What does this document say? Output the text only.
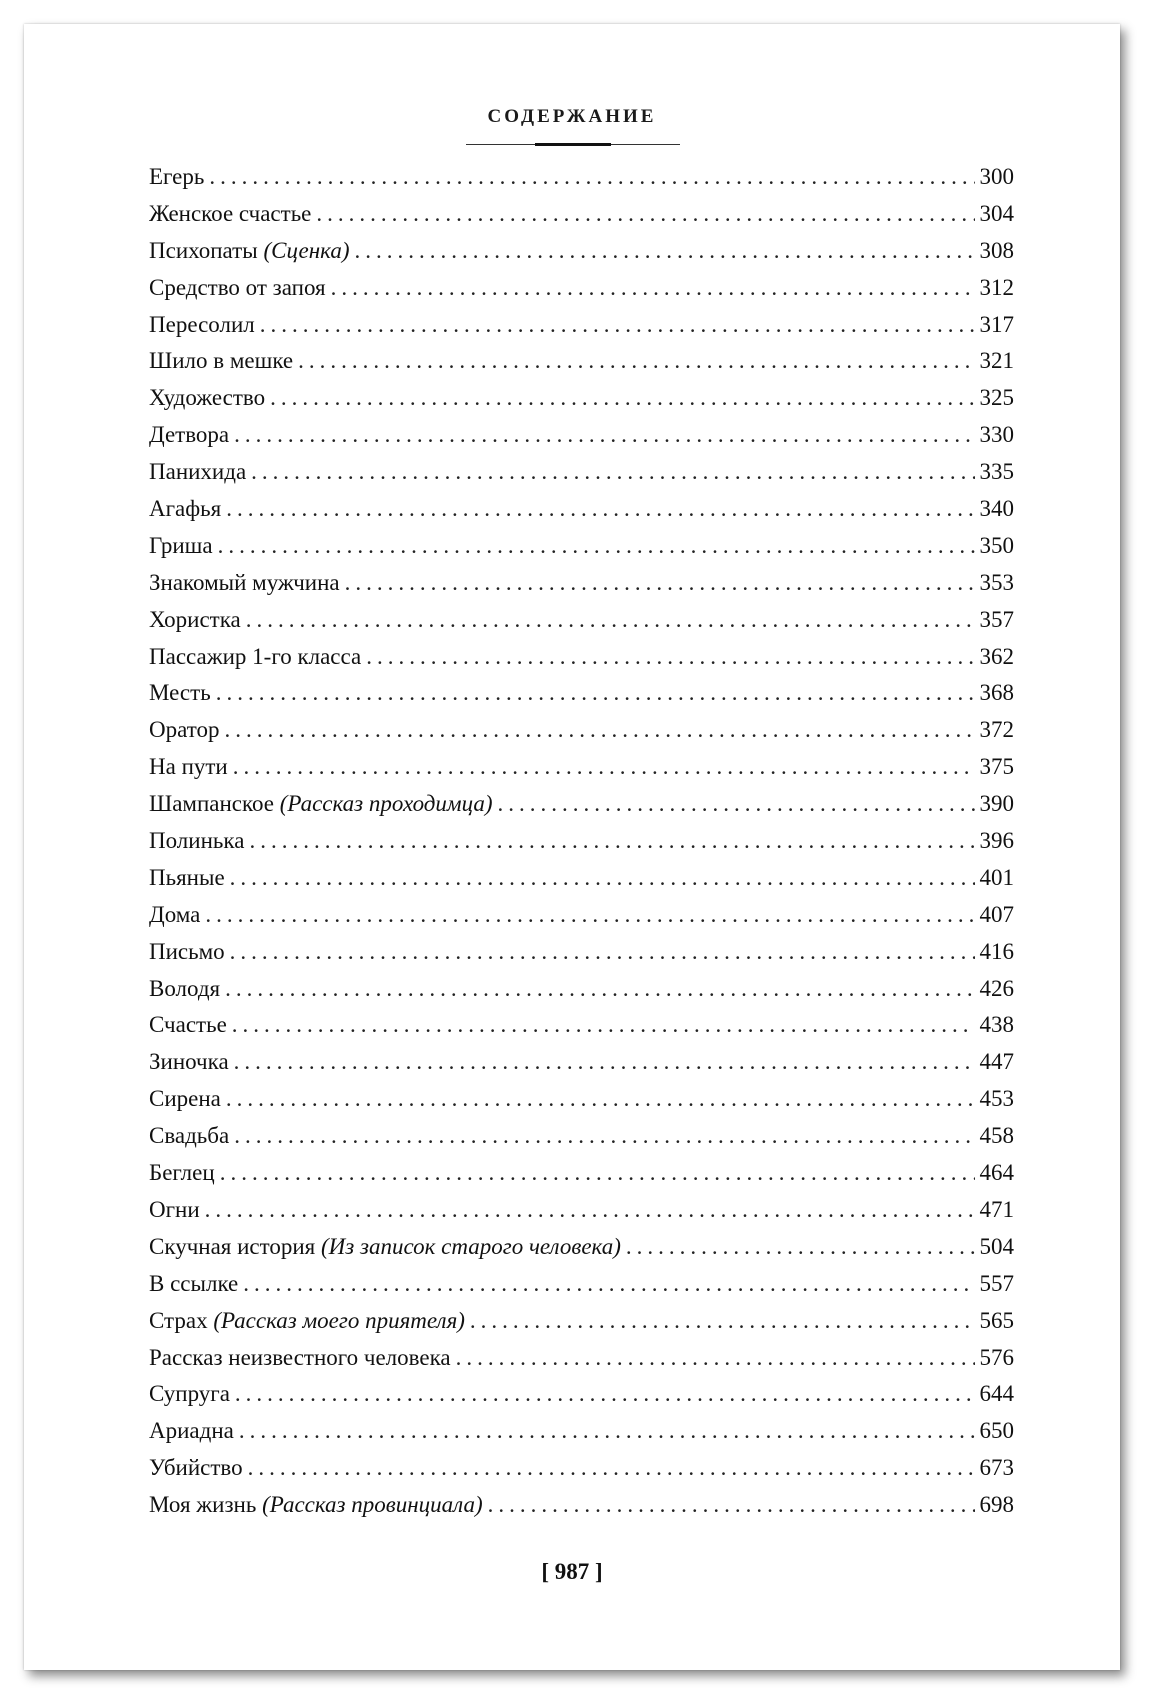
СОДЕРЖАНИЕ
Егерь .....	300
Женское счастье .....	304
Психопаты (Сценка) .....	308
Средство от запоя .....	312
Пересолил .....	317
Шило в мешке .....	321
Художество .....	325
Детвора .....	330
Панихида .....	335
Агафья .....	340
Гриша .....	350
Знакомый мужчина .....	353
Хористка .....	357
Пассажир 1-го класса .....	362
Месть .....	368
Оратор .....	372
На пути .....	375
Шампанское (Рассказ проходимца) .....	390
Полинька .....	396
Пьяные .....	401
Дома .....	407
Письмо .....	416
Володя .....	426
Счастье .....	438
Зиночка .....	447
Сирена .....	453
Свадьба .....	458
Беглец .....	464
Огни .....	471
Скучная история (Из записок старого человека) .....	504
В ссылке .....	557
Страх (Рассказ моего приятеля) .....	565
Рассказ неизвестного человека .....	576
Супруга .....	644
Ариадна .....	650
Убийство .....	673
Моя жизнь (Рассказ провинциала) .....	698
[ 987 ]
